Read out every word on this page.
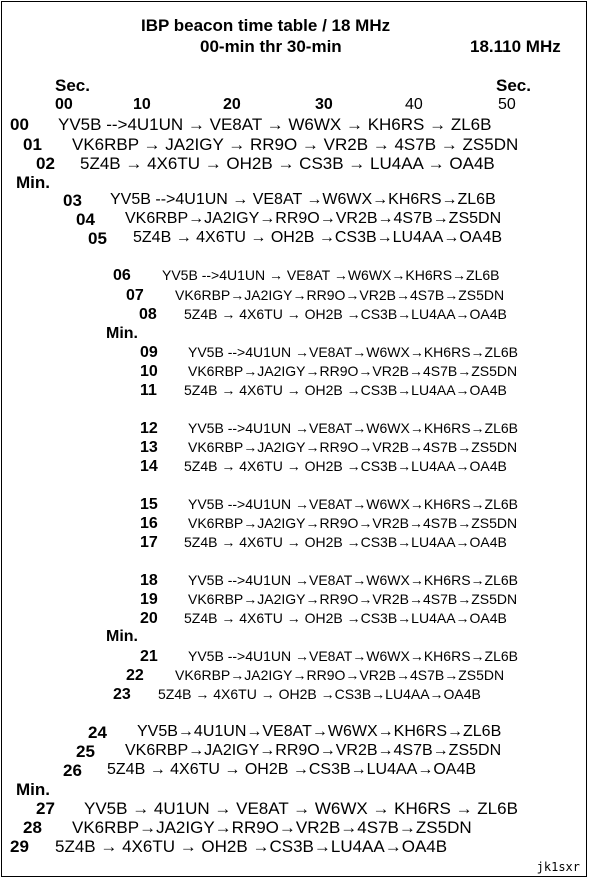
IBP beacon time table / 18 MHz
00-min thr 30-min	18.110 MHz
Sec.	Sec.
00	10	20	30	40	50
00 YV5B -->4U1UN → VE8AT → W6WX → KH6RS → ZL6B
01 VK6RBP → JA2IGY → RR9O → VR2B → 4S7B → ZS5DN
02 5Z4B → 4X6TU → OH2B → CS3B → LU4AA → OA4B
Min.
03 YV5B -->4U1UN → VE8AT →W6WX→KH6RS→ZL6B
04 VK6RBP→JA2IGY→RR9O→VR2B→4S7B→ZS5DN
05 5Z4B → 4X6TU → OH2B →CS3B→LU4AA→OA4B
06 YV5B -->4U1UN → VE8AT →W6WX→KH6RS→ZL6B
07 VK6RBP→JA2IGY→RR9O→VR2B→4S7B→ZS5DN
08 5Z4B → 4X6TU → OH2B →CS3B→LU4AA→OA4B
Min.
09 YV5B -->4U1UN →VE8AT→W6WX→KH6RS→ZL6B
10 VK6RBP→JA2IGY→RR9O→VR2B→4S7B→ZS5DN
11 5Z4B → 4X6TU → OH2B →CS3B→LU4AA→OA4B
12 YV5B -->4U1UN →VE8AT→W6WX→KH6RS→ZL6B
13 VK6RBP→JA2IGY→RR9O→VR2B→4S7B→ZS5DN
14 5Z4B → 4X6TU → OH2B →CS3B→LU4AA→OA4B
15 YV5B -->4U1UN →VE8AT→W6WX→KH6RS→ZL6B
16 VK6RBP→JA2IGY→RR9O→VR2B→4S7B→ZS5DN
17 5Z4B → 4X6TU → OH2B →CS3B→LU4AA→OA4B
18 YV5B -->4U1UN →VE8AT→W6WX→KH6RS→ZL6B
19 VK6RBP→JA2IGY→RR9O→VR2B→4S7B→ZS5DN
20 5Z4B → 4X6TU → OH2B →CS3B→LU4AA→OA4B
Min.
21 YV5B -->4U1UN →VE8AT→W6WX→KH6RS→ZL6B
22 VK6RBP→JA2IGY→RR9O→VR2B→4S7B→ZS5DN
23 5Z4B → 4X6TU → OH2B →CS3B→LU4AA→OA4B
24 YV5B→4U1UN→VE8AT→W6WX→KH6RS→ZL6B
25 VK6RBP→JA2IGY→RR9O→VR2B→4S7B→ZS5DN
26 5Z4B → 4X6TU → OH2B →CS3B→LU4AA→OA4B
Min.
27 YV5B → 4U1UN → VE8AT → W6WX → KH6RS → ZL6B
28 VK6RBP→JA2IGY→RR9O→VR2B→4S7B→ZS5DN
29 5Z4B → 4X6TU → OH2B →CS3B→LU4AA→OA4B
jk1sxr
